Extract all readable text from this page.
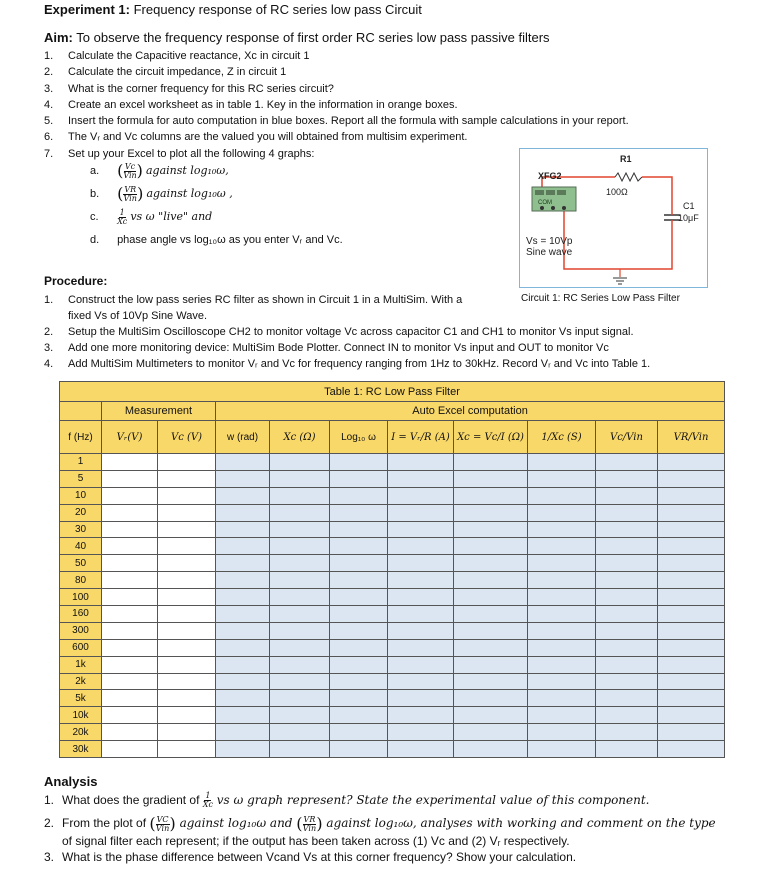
Experiment 1: Frequency response of RC series low pass Circuit
Aim: To observe the frequency response of first order RC series low pass passive filters
1. Calculate the Capacitive reactance, Xᴄ in circuit 1
2. Calculate the circuit impedance, Z in circuit 1
3. What is the corner frequency for this RC series circuit?
4. Create an excel worksheet as in table 1. Key in the information in orange boxes.
5. Insert the formula for auto computation in blue boxes. Report all the formula with sample calculations in your report.
6. The Vᵣ and Vᴄ columns are the valued you will obtained from multisim experiment.
7. Set up your Excel to plot all the following 4 graphs:
a. ( $\frac{Vc}{\text{Vin}}$ ) against log₁₀ω,
b. ( $\frac{VR}{\text{Vin}}$ ) against log₁₀ω ,
c. $\frac{1}{Xc}$ vs ω "live" and
d. phase angle vs log₁₀ω as you enter Vᵣ and Vᴄ.
R1
100Ω
C1
10μF
XFG2
COM
Vs = 10Vp
Sine wave
Circuit 1: RC Series Low Pass Filter
Procedure:
1. Construct the low pass series RC filter as shown in Circuit 1 in a MultiSim. With a
fixed Vs of 10Vp Sine Wave.
2. Setup the MultiSim Oscilloscope CH2 to monitor voltage Vᴄ across capacitor C1 and CH1 to monitor Vs input signal.
3. Add one more monitoring device: MultiSim Bode Plotter. Connect IN to monitor Vs input and OUT to monitor Vᴄ
4. Add MultiSim Multimeters to monitor Vᵣ and Vᴄ for frequency ranging from 1Hz to 30kHz. Record Vᵣ and Vᴄ into Table 1.
Table 1: RC Low Pass Filter										
	Measurement		Auto Excel computation							
f (Hz)	Vᵣ(V)	Vᴄ (V)	w (rad)	Xc (Ω)	Log₁₀ ω	I = Vᵣ/R (A)	Xc = Vc/I (Ω)	1/Xc (S)	Vc/Vin	VR/Vin
1										
5										
10										
20										
30										
40										
50										
80										
100										
160										
300										
600										
1k										
2k										
5k										
10k										
20k										
30k										
Analysis
1. What does the gradient of $\frac{1}{Xc}$ vs ω graph represent? State the experimental value of this component.
2. From the plot of ( $\frac{VC}{\text{Vin}}$ ) against log₁₀ω and ( $\frac{VR}{\text{Vin}}$ ) against log₁₀ω, analyses with working and comment on the type
of signal filter each represent; if the output has been taken across (1) Vᴄ and (2) Vᵣ respectively.
3. What is the phase difference between Vᴄand Vs at this corner frequency? Show your calculation.
